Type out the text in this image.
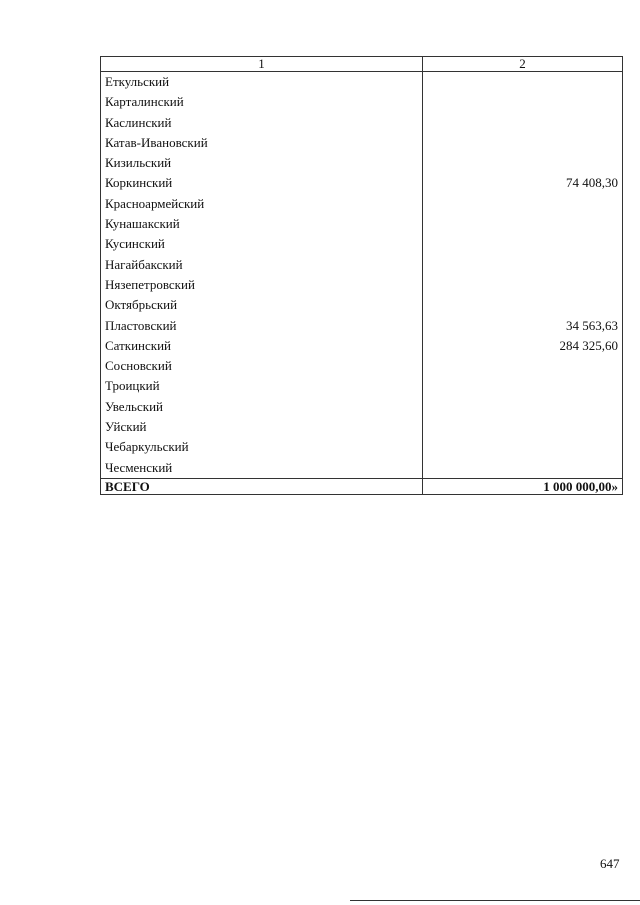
1	2
Еткульский	
Карталинский	
Каслинский	
Катав-Ивановский	
Кизильский	
Коркинский	74 408,30
Красноармейский	
Кунашакский	
Кусинский	
Нагайбакский	
Нязепетровский	
Октябрьский	
Пластовский	34 563,63
Саткинский	284 325,60
Сосновский	
Троицкий	
Увельский	
Уйский	
Чебаркульский	
Чесменский	
ВСЕГО	1 000 000,00»
647
